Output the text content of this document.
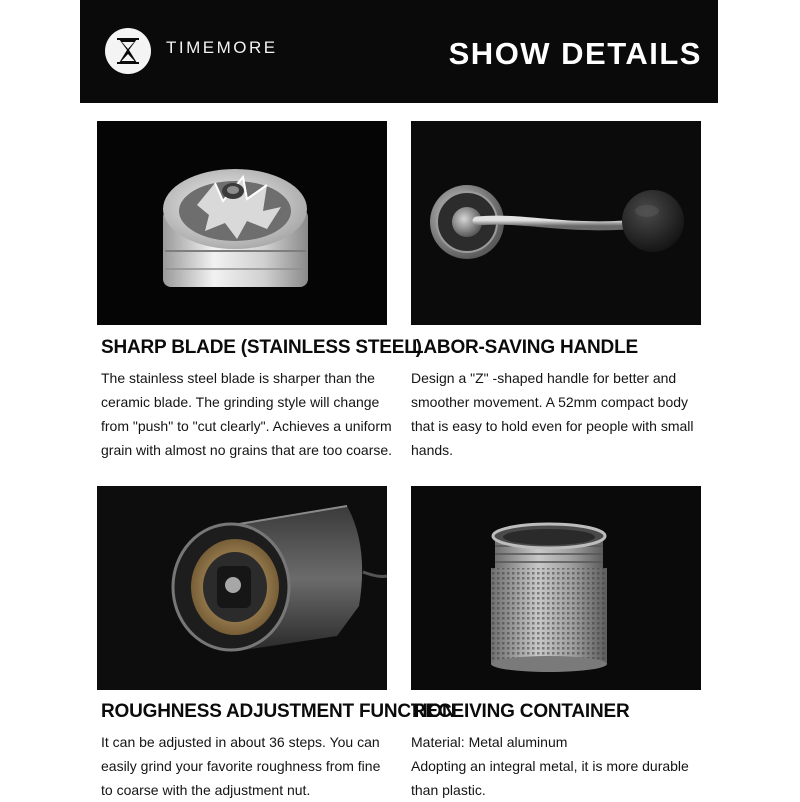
TIMEMORE	SHOW DETAILS
SHARP BLADE (STAINLESS STEEL)
The stainless steel blade is sharper than the ceramic blade. The grinding style will change from "push" to "cut clearly". Achieves a uniform grain with almost no grains that are too coarse.
LABOR-SAVING HANDLE
Design a "Z" -shaped handle for better and smoother movement. A 52mm compact body that is easy to hold even for people with small hands.
ROUGHNESS ADJUSTMENT FUNCTION
It can be adjusted in about 36 steps. You can easily grind your favorite roughness from fine to coarse with the adjustment nut.
RECEIVING CONTAINER
Material: Metal aluminum
Adopting an integral metal, it is more durable than plastic.
